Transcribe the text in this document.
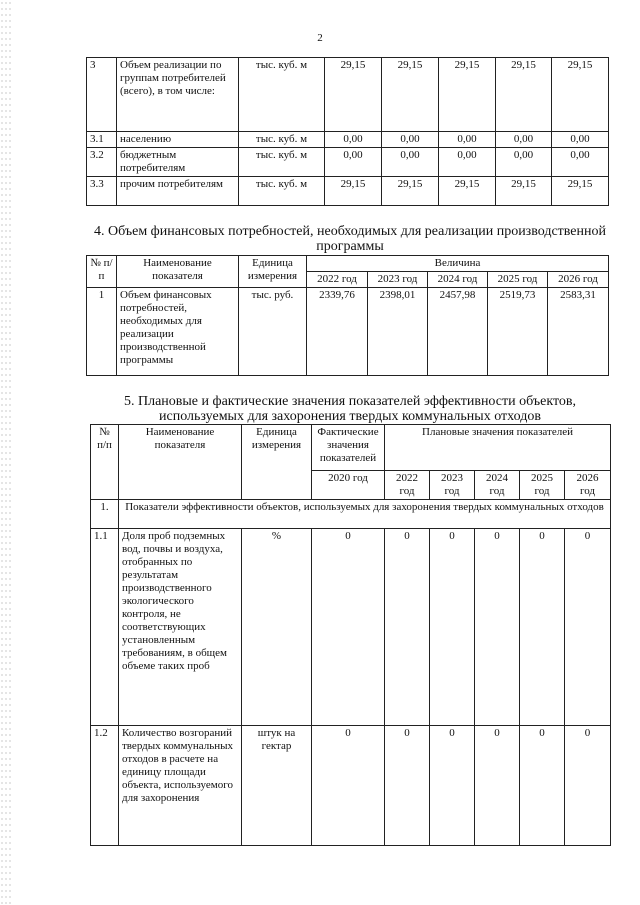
2
3	Объем реализации по группам потребителей (всего), в том числе:	тыс. куб. м	29,15	29,15	29,15	29,15	29,15
3.1	населению	тыс. куб. м	0,00	0,00	0,00	0,00	0,00
3.2	бюджетным потребителям	тыс. куб. м	0,00	0,00	0,00	0,00	0,00
3.3	прочим потребителям	тыс. куб. м	29,15	29,15	29,15	29,15	29,15
4. Объем финансовых потребностей, необходимых для реализации производственной программы
№ п/п	Наименование показателя	Единица измерения	Величина				
			2022 год	2023 год	2024 год	2025 год	2026 год
1	Объем финансовых потребностей, необходимых для реализации производственной программы	тыс. руб.	2339,76	2398,01	2457,98	2519,73	2583,31
5. Плановые и фактические значения показателей эффективности объектов, используемых для захоронения твердых коммунальных отходов
№ п/п	Наименование показателя	Единица измерения	Фактические значения показателей	Плановые значения показателей				
			2020 год	2022 год	2023 год	2024 год	2025 год	2026 год
1.	Показатели эффективности объектов, используемых для захоронения твердых коммунальных отходов							
1.1	Доля проб подземных вод, почвы и воздуха, отобранных по результатам производственного экологического контроля, не соответствующих установленным требованиям, в общем объеме таких проб	%	0	0	0	0	0	0
1.2	Количество возгораний твердых коммунальных отходов в расчете на единицу площади объекта, используемого для захоронения	штук на гектар	0	0	0	0	0	0
